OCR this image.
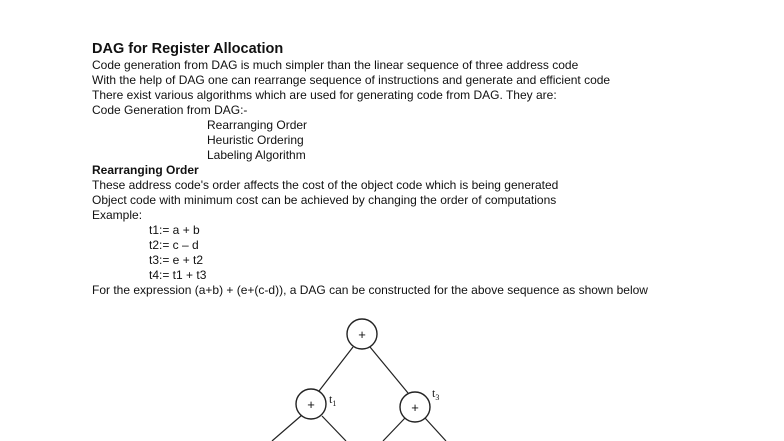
DAG for Register Allocation

Code generation from DAG is much simpler than the linear sequence of three address code

With the help of DAG one can rearrange sequence of instructions and generate and efficient code

There exist various algorithms which are used for generating code from DAG. They are:

Code Generation from DAG:-

Rearranging Order

Heuristic Ordering

Labeling Algorithm

Rearranging Order

These address code's order affects the cost of the object code which is being generated

Object code with minimum cost can be achieved by changing the order of computations

Example:

t1:= a + b

t2:= c – d

t3:= e + t2

t4:= t1 + t3

For the expression (a+b) + (e+(c-d)), a DAG can be constructed for the above sequence as shown below

+
+	+
$t_1$
$t_3$
